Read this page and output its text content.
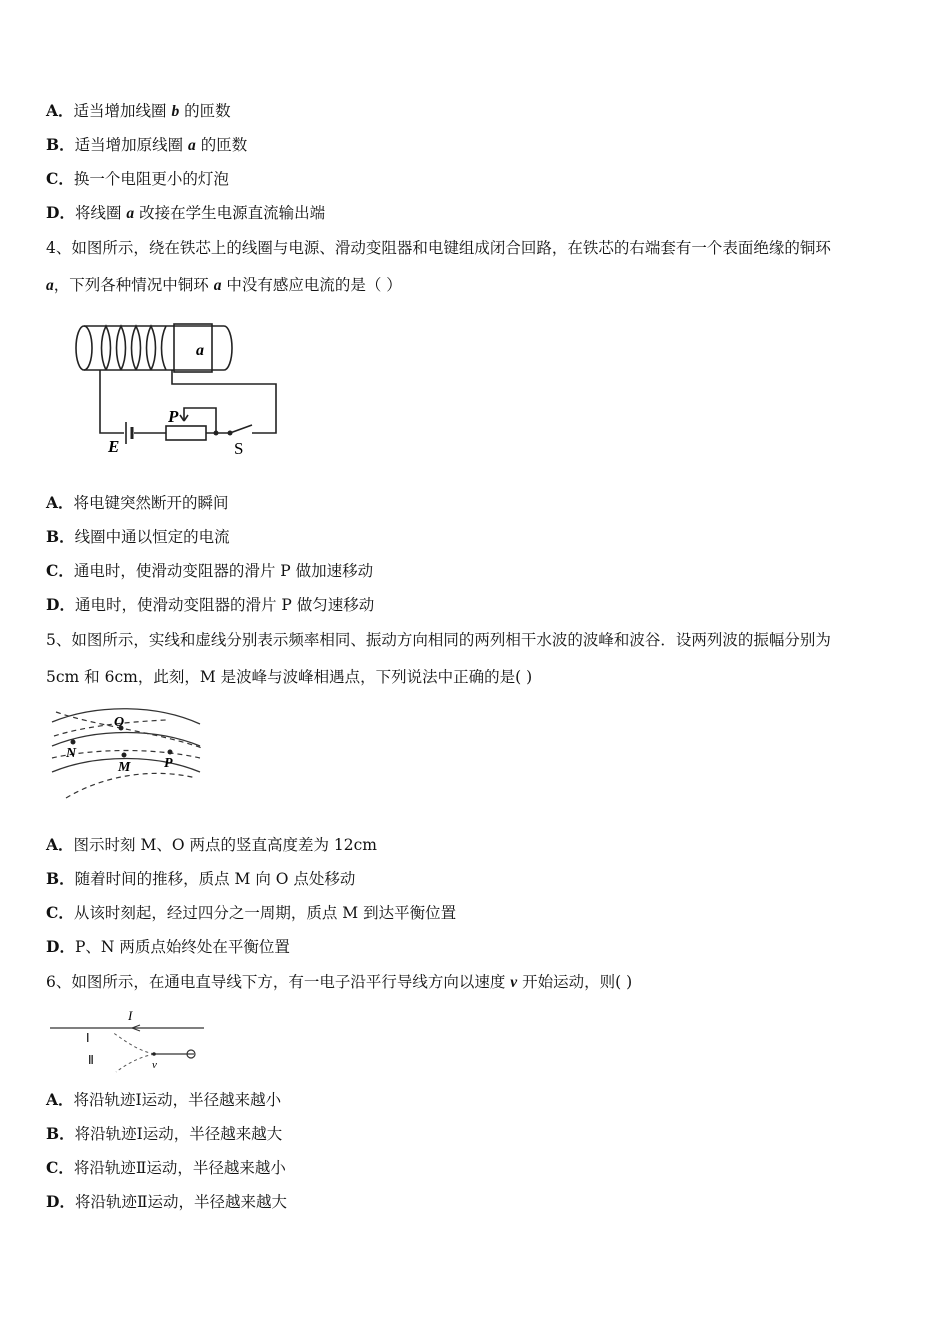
A．适当增加线圈 b 的匝数
B．适当增加原线圈 a 的匝数
C．换一个电阻更小的灯泡
D．将线圈 a 改接在学生电源直流输出端
4、如图所示，绕在铁芯上的线圈与电源、滑动变阻器和电键组成闭合回路，在铁芯的右端套有一个表面绝缘的铜环
a，下列各种情况中铜环 a 中没有感应电流的是（ ）
a
P
E	S
A．将电键突然断开的瞬间
B．线圈中通以恒定的电流
C．通电时，使滑动变阻器的滑片 P 做加速移动
D．通电时，使滑动变阻器的滑片 P 做匀速移动
5、如图所示，实线和虚线分别表示频率相同、振动方向相同的两列相干水波的波峰和波谷．设两列波的振幅分别为
5cm 和 6cm，此刻，M 是波峰与波峰相遇点，下列说法中正确的是( )
O
N
M P
A．图示时刻 M、O 两点的竖直高度差为 12cm
B．随着时间的推移，质点 M 向 O 点处移动
C．从该时刻起，经过四分之一周期，质点 M 到达平衡位置
D．P、N 两质点始终处在平衡位置
6、如图所示，在通电直导线下方，有一电子沿平行导线方向以速度 v 开始运动，则( )
I
Ⅰ
Ⅱ	v
A．将沿轨迹Ⅰ运动，半径越来越小
B．将沿轨迹Ⅰ运动，半径越来越大
C．将沿轨迹Ⅱ运动，半径越来越小
D．将沿轨迹Ⅱ运动，半径越来越大
